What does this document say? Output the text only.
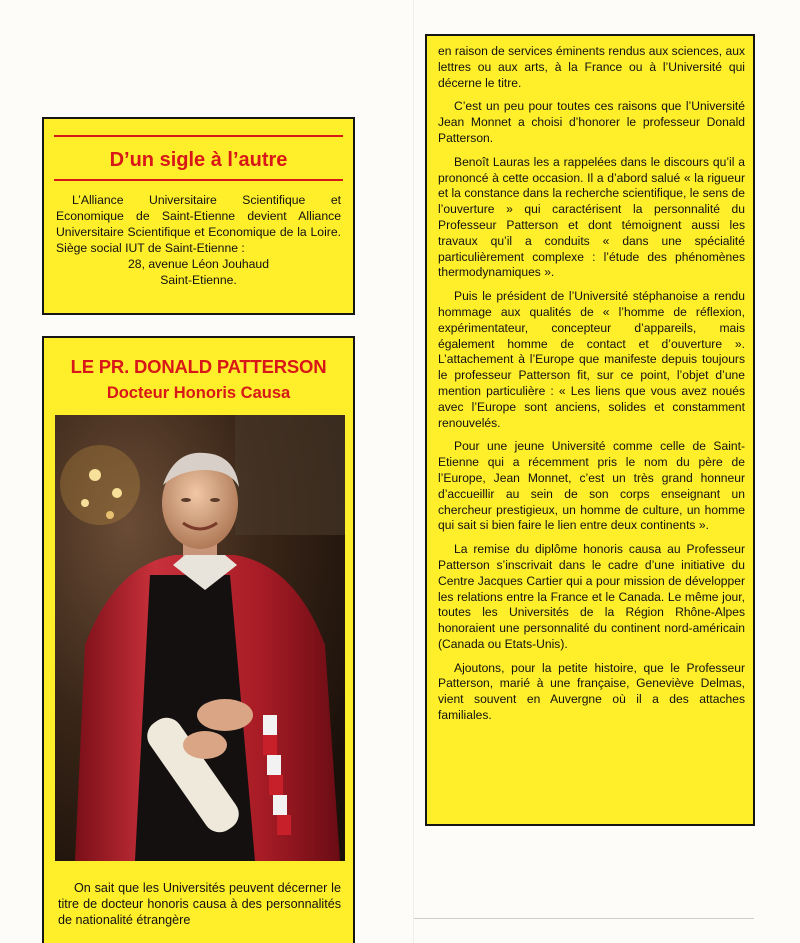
D’un sigle à l’autre
L’Alliance Universitaire Scientifique et Economique de Saint-Etienne devient Alliance Universitaire Scientifique et Economique de la Loire. Siège social IUT de Saint-Etienne :
28, avenue Léon Jouhaud
Saint-Etienne.
LE PR. DONALD PATTERSON
Docteur Honoris Causa
On sait que les Universités peuvent décerner le titre de docteur honoris causa à des personnalités de nationalité étrangère

en raison de services éminents rendus aux sciences, aux lettres ou aux arts, à la France ou à l’Université qui décerne le titre.

C’est un peu pour toutes ces raisons que l’Université Jean Monnet a choisi d’honorer le professeur Donald Patterson.

Benoît Lauras les a rappelées dans le discours qu’il a prononcé à cette occasion. Il a d’abord salué « la rigueur et la constance dans la recherche scientifique, le sens de l’ouverture » qui caractérisent la personnalité du Professeur Patterson et dont témoignent aussi les travaux qu’il a conduits « dans une spécialité particulièrement complexe : l’étude des phénomènes thermodynamiques ».

Puis le président de l’Université stéphanoise a rendu hommage aux qualités de « l’homme de réflexion, expérimentateur, concepteur d’appareils, mais également homme de contact et d’ouverture ». L’attachement à l’Europe que manifeste depuis toujours le professeur Patterson fit, sur ce point, l’objet d’une mention particulière : « Les liens que vous avez noués avec l’Europe sont anciens, solides et constamment renouvelés.

Pour une jeune Université comme celle de Saint-Etienne qui a récemment pris le nom du père de l’Europe, Jean Monnet, c’est un très grand honneur d’accueillir au sein de son corps enseignant un chercheur prestigieux, un homme de culture, un homme qui sait si bien faire le lien entre deux continents ».

La remise du diplôme honoris causa au Professeur Patterson s’inscrivait dans le cadre d’une initiative du Centre Jacques Cartier qui a pour mission de développer les relations entre la France et le Canada. Le même jour, toutes les Universités de la Région Rhône-Alpes honoraient une personnalité du continent nord-américain (Canada ou Etats-Unis).

Ajoutons, pour la petite histoire, que le Professeur Patterson, marié à une française, Geneviève Delmas, vient souvent en Auvergne où il a des attaches familiales.
